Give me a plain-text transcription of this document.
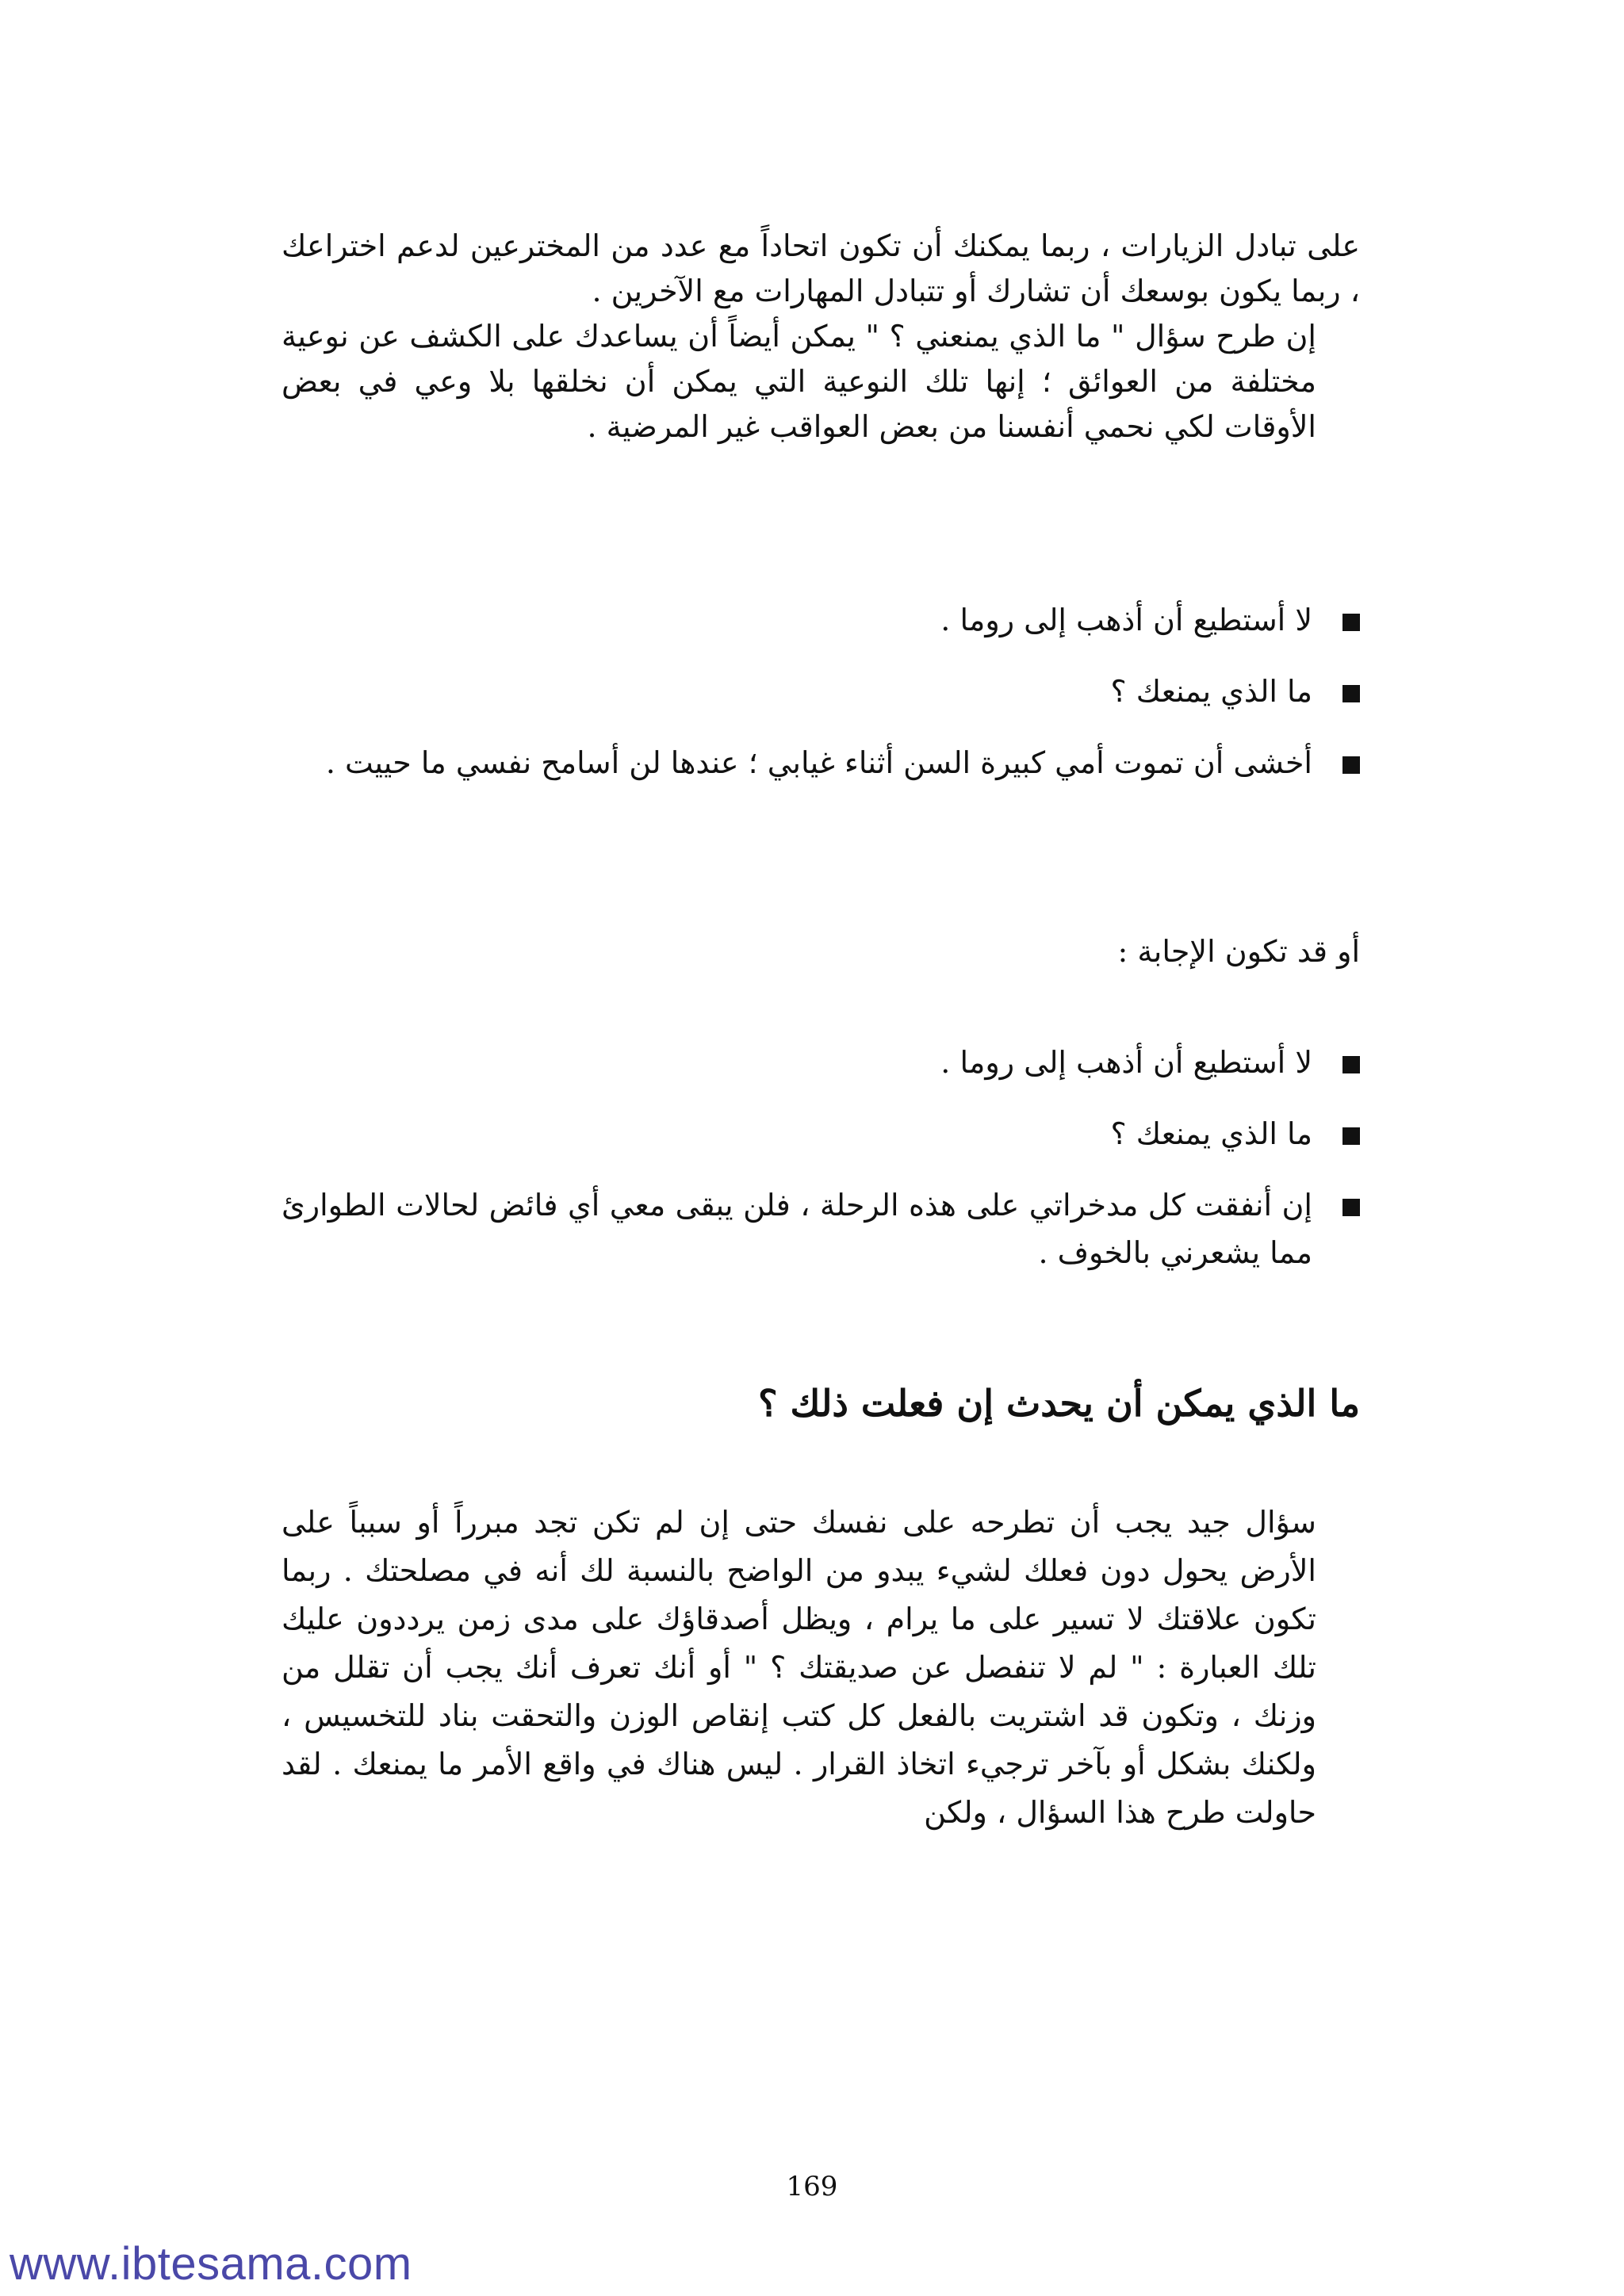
على تبادل الزيارات ، ربما يمكنك أن تكون اتحاداً مع عدد من المخترعين لدعم اختراعك ، ربما يكون بوسعك أن تشارك أو تتبادل المهارات مع الآخرين .

إن طرح سؤال " ما الذي يمنعني ؟ " يمكن أيضاً أن يساعدك على الكشف عن نوعية مختلفة من العوائق ؛ إنها تلك النوعية التي يمكن أن نخلقها بلا وعي في بعض الأوقات لكي نحمي أنفسنا من بعض العواقب غير المرضية .

لا أستطيع أن أذهب إلى روما .
ما الذي يمنعك ؟
أخشى أن تموت أمي كبيرة السن أثناء غيابي ؛ عندها لن أسامح نفسي ما حييت .
أو قد تكون الإجابة :
لا أستطيع أن أذهب إلى روما .
ما الذي يمنعك ؟
إن أنفقت كل مدخراتي على هذه الرحلة ، فلن يبقى معي أي فائض لحالات الطوارئ مما يشعرني بالخوف .
ما الذي يمكن أن يحدث إن فعلت ذلك ؟

سؤال جيد يجب أن تطرحه على نفسك حتى إن لم تكن تجد مبرراً أو سبباً على الأرض يحول دون فعلك لشيء يبدو من الواضح بالنسبة لك أنه في مصلحتك . ربما تكون علاقتك لا تسير على ما يرام ، ويظل أصدقاؤك على مدى زمن يرددون عليك تلك العبارة : " لم لا تنفصل عن صديقتك ؟ " أو أنك تعرف أنك يجب أن تقلل من وزنك ، وتكون قد اشتريت بالفعل كل كتب إنقاص الوزن والتحقت بناد للتخسيس ، ولكنك بشكل أو بآخر ترجيء اتخاذ القرار . ليس هناك في واقع الأمر ما يمنعك . لقد حاولت طرح هذا السؤال ، ولكن

169
www.ibtesama.com
